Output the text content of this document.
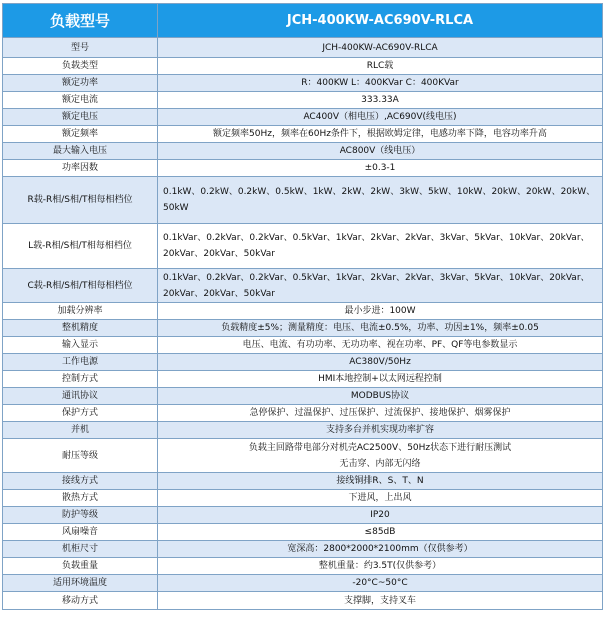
负载型号	JCH-400KW-AC690V-RLCA
型号	JCH-400KW-AC690V-RLCA
负载类型	RLC载
额定功率	R：400KW L：400KVar C：400KVar
额定电流	333.33A
额定电压	AC400V（相电压）,AC690V(线电压)
额定频率	额定频率50Hz，频率在60Hz条件下，根据欧姆定律，电感功率下降，电容功率升高
最大输入电压	AC800V（线电压）
功率因数	±0.3-1
R载-R相/S相/T相每相档位	0.1kW、0.2kW、0.2kW、0.5kW、1kW、2kW、2kW、3kW、5kW、10kW、20kW、20kW、20kW、50kW
L载-R相/S相/T相每相档位	0.1kVar、0.2kVar、0.2kVar、0.5kVar、1kVar、2kVar、2kVar、3kVar、5kVar、10kVar、20kVar、20kVar、20kVar、50kVar
C载-R相/S相/T相每相档位	0.1kVar、0.2kVar、0.2kVar、0.5kVar、1kVar、2kVar、2kVar、3kVar、5kVar、10kVar、20kVar、20kVar、20kVar、50kVar
加载分辨率	最小步进：100W
整机精度	负载精度±5%；测量精度：电压、电流±0.5%，功率、功因±1%，频率±0.05
输入显示	电压、电流、有功功率、无功功率、视在功率、PF、QF等电参数显示
工作电源	AC380V/50Hz
控制方式	HMI本地控制+以太网远程控制
通讯协议	MODBUS协议
保护方式	急停保护、过温保护、过压保护、过流保护、接地保护、烟雾保护
并机	支持多台并机实现功率扩容
耐压等级	负载主回路带电部分对机壳AC2500V、50Hz状态下进行耐压测试
无击穿、内部无闪络
接线方式	接线铜排R、S、T、N
散热方式	下进风，上出风
防护等级	IP20
风扇噪音	≤85dB
机柜尺寸	宽深高：2800*2000*2100mm（仅供参考）
负载重量	整机重量：约3.5T(仅供参考）
适用环境温度	-20°C~50°C
移动方式	支撑脚，支持叉车
